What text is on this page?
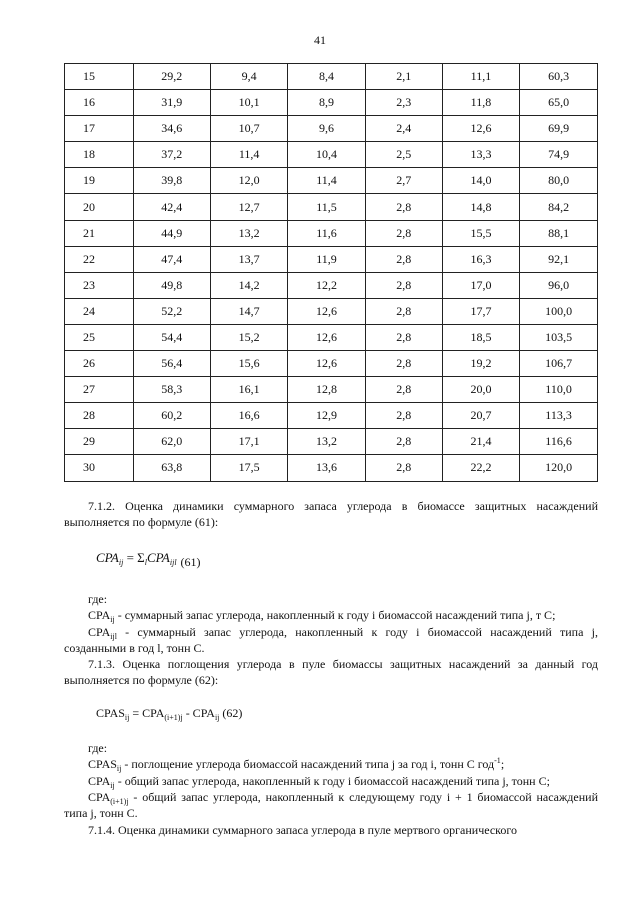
41
15	29,2	9,4	8,4	2,1	11,1	60,3
16	31,9	10,1	8,9	2,3	11,8	65,0
17	34,6	10,7	9,6	2,4	12,6	69,9
18	37,2	11,4	10,4	2,5	13,3	74,9
19	39,8	12,0	11,4	2,7	14,0	80,0
20	42,4	12,7	11,5	2,8	14,8	84,2
21	44,9	13,2	11,6	2,8	15,5	88,1
22	47,4	13,7	11,9	2,8	16,3	92,1
23	49,8	14,2	12,2	2,8	17,0	96,0
24	52,2	14,7	12,6	2,8	17,7	100,0
25	54,4	15,2	12,6	2,8	18,5	103,5
26	56,4	15,6	12,6	2,8	19,2	106,7
27	58,3	16,1	12,8	2,8	20,0	110,0
28	60,2	16,6	12,9	2,8	20,7	113,3
29	62,0	17,1	13,2	2,8	21,4	116,6
30	63,8	17,5	13,6	2,8	22,2	120,0

7.1.2. Оценка динамики суммарного запаса углерода в биомассе защитных насаждений выполняется по формуле (61):

$CPA_{ij} = \Sigma_lCPA_{ijl}$ (61)

где:

$CPA_{ij}$ - суммарный запас углерода, накопленный к году i биомассой насаждений типа j, т С;

$CPA_{ijl}$ - суммарный запас углерода, накопленный к году i биомассой насаждений типа j, созданными в год l, тонн С.

7.1.3. Оценка поглощения углерода в пуле биомассы защитных насаждений за данный год выполняется по формуле (62):

$CPAS_{ij} = CPA_{(i+1)j} - CPA_{ij}$ (62)

где:

$CPAS_{ij}$ - поглощение углерода биомассой насаждений типа j за год i, тонн С год$^{-1}$;

$CPA_{ij}$ - общий запас углерода, накопленный к году i биомассой насаждений типа j, тонн С;

$CPA_{(i+1)j}$ - общий запас углерода, накопленный к следующему году i + 1 биомассой насаждений типа j, тонн С.

7.1.4. Оценка динамики суммарного запаса углерода в пуле мертвого органического
